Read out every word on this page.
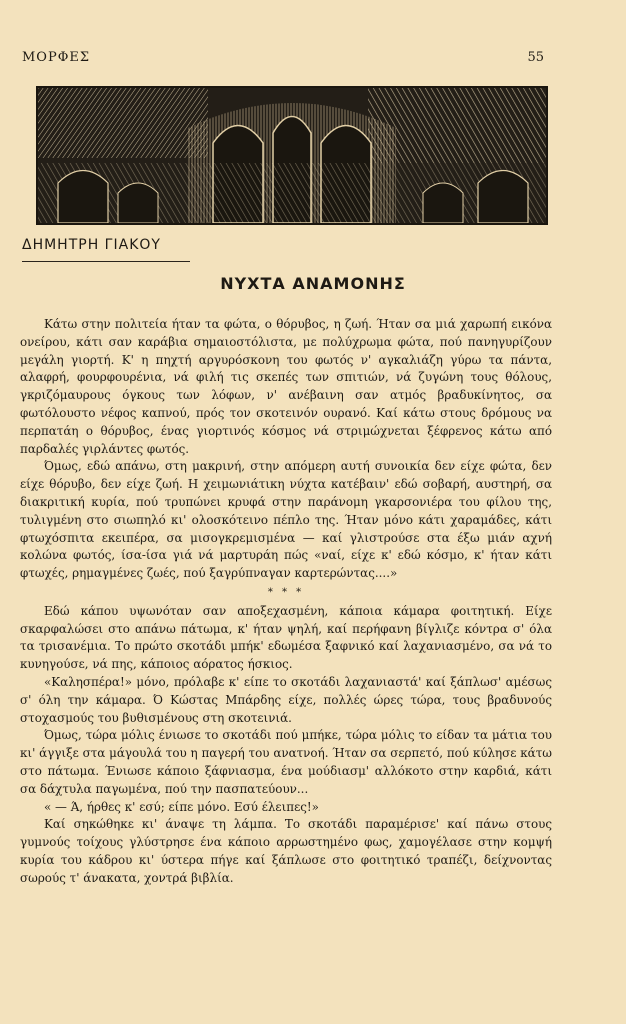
ΜΟΡΦΕΣ	55
ΔΗΜΗΤΡΗ ΓΙΑΚΟΥ
ΝΥΧΤΑ ΑΝΑΜΟΝΗΣ

Κάτω στην πολιτεία ήταν τα φώτα, ο θόρυβος, η ζωή. Ήταν σα μιά χαρωπή εικόνα ονείρου, κάτι σαν καράβια σημαιοστόλιστα, με πολύχρωμα φώτα, πού πανηγυρίζουν μεγάλη γιορτή. Κ' η πηχτή αργυρόσκονη του φωτός ν' αγκαλιάζη γύρω τα πάντα, αλαφρή, φουρφουρένια, νά φιλή τις σκεπές των σπιτιών, νά ζυγώνη τους θόλους, γκριζόμαυρους όγκους των λόφων, ν' ανέβαινη σαν ατμός βραδυκίνητος, σα φωτόλουστο νέφος καπνού, πρός τον σκοτεινόν ουρανό. Καί κάτω στους δρόμους να περπατάη ο θόρυβος, ένας γιορτινός κόσμος νά στριμώχνεται ξέφρενος κάτω από παρδαλές γιρλάντες φωτός.

Όμως, εδώ απάνω, στη μακρινή, στην απόμερη αυτή συνοικία δεν είχε φώτα, δεν είχε θόρυβο, δεν είχε ζωή. Η χειμωνιάτικη νύχτα κατέβαιν' εδώ σοβαρή, αυστηρή, σα διακριτική κυρία, πού τρυπώνει κρυφά στην παράνομη γκαρσονιέρα του φίλου της, τυλιγμένη στο σιωπηλό κι' ολοσκότεινο πέπλο της. Ήταν μόνο κάτι χαραμάδες, κάτι φτωχόσπιτα εκειπέρα, σα μισογκρεμισμένα — καί γλιστρούσε στα έξω μιάν αχνή κολώνα φωτός, ίσα-ίσα γιά νά μαρτυράη πώς «ναί, είχε κ' εδώ κόσμο, κ' ήταν κάτι φτωχές, ρημαγμένες ζωές, πού ξαγρύπναγαν καρτερώντας....»

* * *

Εδώ κάπου υψωνόταν σαν αποξεχασμένη, κάποια κάμαρα φοιτητική. Είχε σκαρφαλώσει στο απάνω πάτωμα, κ' ήταν ψηλή, καί περήφανη βίγλιζε κόντρα σ' όλα τα τρισανέμια. Το πρώτο σκοτάδι μπήκ' εδωμέσα ξαφνικό καί λαχανιασμένο, σα νά το κυνηγούσε, νά πης, κάποιος αόρατος ήσκιος.

«Καλησπέρα!» μόνο, πρόλαβε κ' είπε το σκοτάδι λαχανιαστά' καί ξάπλωσ' αμέσως σ' όλη την κάμαρα. Ό Κώστας Μπάρδης είχε, πολλές ώρες τώρα, τους βραδυνούς στοχασμούς του βυθισμένους στη σκοτεινιά.

Όμως, τώρα μόλις ένιωσε το σκοτάδι πού μπήκε, τώρα μόλις το είδαν τα μάτια του κι' άγγιξε στα μάγουλά του η παγερή του ανατνοή. Ήταν σα σερπετό, πού κύλησε κάτω στο πάτωμα. Ένιωσε κάποιο ξάφνιασμα, ένα μούδιασμ' αλλόκοτο στην καρδιά, κάτι σα δάχτυλα παγωμένα, πού την πασπατεύουν...

« — Ά, ήρθες κ' εσύ; είπε μόνο. Εσύ έλειπες!»

Καί σηκώθηκε κι' άναψε τη λάμπα. Το σκοτάδι παραμέρισε' καί πάνω στους γυμνούς τοίχους γλύστρησε ένα κάποιο αρρωστημένο φως, χαμογέλασε στην κομψή κυρία του κάδρου κι' ύστερα πήγε καί ξάπλωσε στο φοιτητικό τραπέζι, δείχνοντας σωρούς τ' άνακατα, χοντρά βιβλία.
